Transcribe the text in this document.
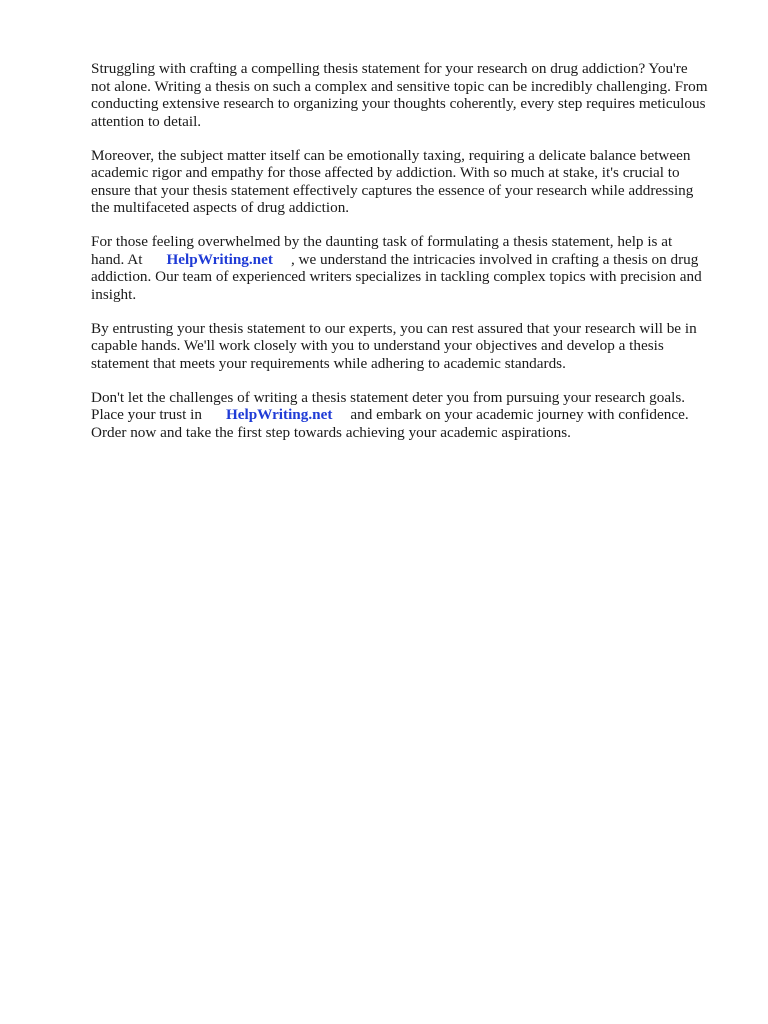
Struggling with crafting a compelling thesis statement for your research on drug addiction? You're
not alone. Writing a thesis on such a complex and sensitive topic can be incredibly challenging. From
conducting extensive research to organizing your thoughts coherently, every step requires meticulous
attention to detail.

Moreover, the subject matter itself can be emotionally taxing, requiring a delicate balance between
academic rigor and empathy for those affected by addiction. With so much at stake, it's crucial to
ensure that your thesis statement effectively captures the essence of your research while addressing
the multifaceted aspects of drug addiction.

For those feeling overwhelmed by the daunting task of formulating a thesis statement, help is at
hand. At HelpWriting.net , we understand the intricacies involved in crafting a thesis on drug
addiction. Our team of experienced writers specializes in tackling complex topics with precision and
insight.

By entrusting your thesis statement to our experts, you can rest assured that your research will be in
capable hands. We'll work closely with you to understand your objectives and develop a thesis
statement that meets your requirements while adhering to academic standards.

Don't let the challenges of writing a thesis statement deter you from pursuing your research goals.
Place your trust in HelpWriting.net and embark on your academic journey with confidence.
Order now and take the first step towards achieving your academic aspirations.
